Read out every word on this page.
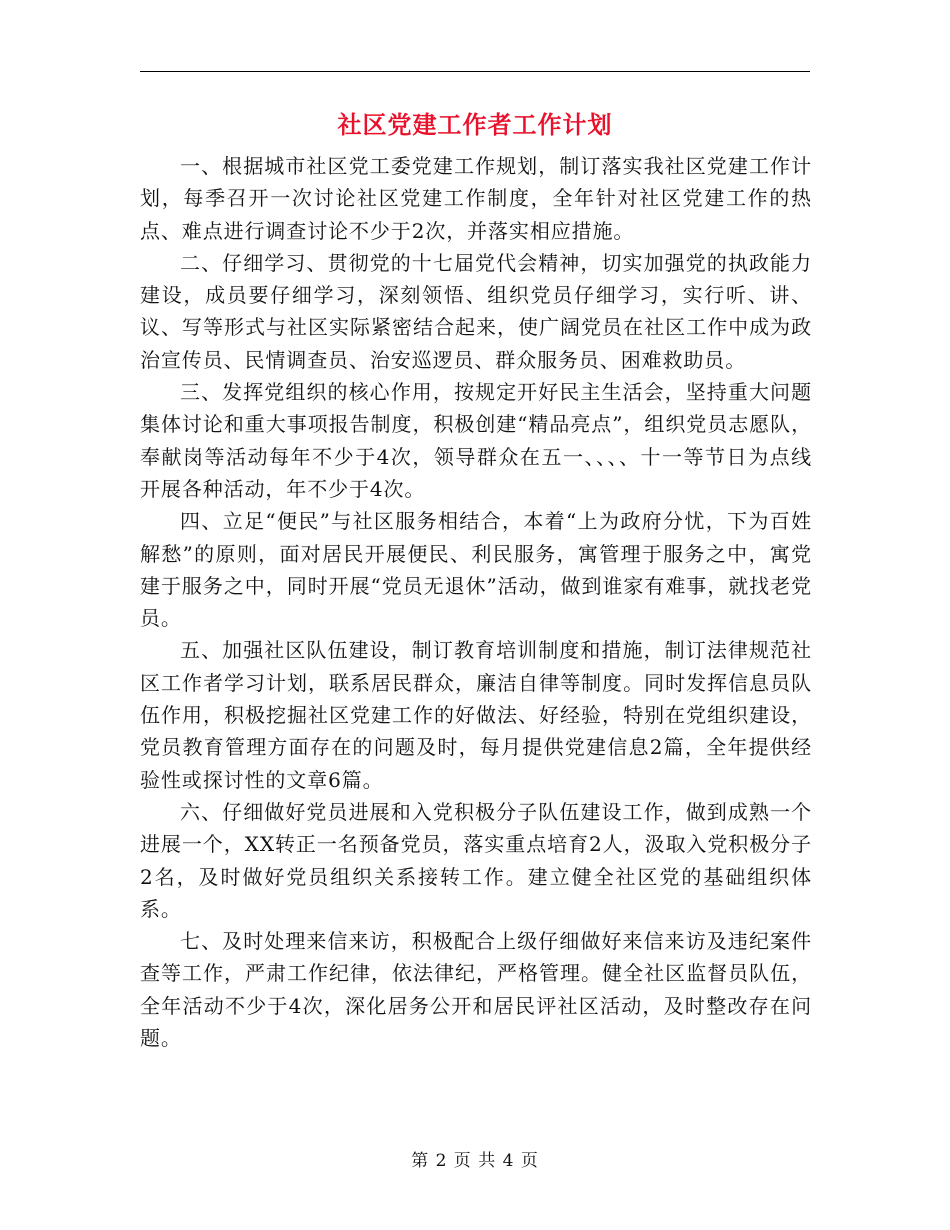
社区党建工作者工作计划

一、根据城市社区党工委党建工作规划，制订落实我社区党建工作计划，每季召开一次讨论社区党建工作制度，全年针对社区党建工作的热点、难点进行调查讨论不少于2次，并落实相应措施。

二、仔细学习、贯彻党的十七届党代会精神，切实加强党的执政能力建设，成员要仔细学习，深刻领悟、组织党员仔细学习，实行听、讲、议、写等形式与社区实际紧密结合起来，使广阔党员在社区工作中成为政治宣传员、民情调查员、治安巡逻员、群众服务员、困难救助员。

三、发挥党组织的核心作用，按规定开好民主生活会，坚持重大问题集体讨论和重大事项报告制度，积极创建“精品亮点”，组织党员志愿队，奉献岗等活动每年不少于4次，领导群众在五一、、、、十一等节日为点线开展各种活动，年不少于4次。

四、立足“便民”与社区服务相结合，本着“上为政府分忧，下为百姓解愁”的原则，面对居民开展便民、利民服务，寓管理于服务之中，寓党建于服务之中，同时开展“党员无退休”活动，做到谁家有难事，就找老党员。

五、加强社区队伍建设，制订教育培训制度和措施，制订法律规范社区工作者学习计划，联系居民群众，廉洁自律等制度。同时发挥信息员队伍作用，积极挖掘社区党建工作的好做法、好经验，特别在党组织建设，党员教育管理方面存在的问题及时，每月提供党建信息2篇，全年提供经验性或探讨性的文章6篇。

六、仔细做好党员进展和入党积极分子队伍建设工作，做到成熟一个进展一个，XX转正一名预备党员，落实重点培育2人，汲取入党积极分子2名，及时做好党员组织关系接转工作。建立健全社区党的基础组织体系。

七、及时处理来信来访，积极配合上级仔细做好来信来访及违纪案件查等工作，严肃工作纪律，依法律纪，严格管理。健全社区监督员队伍，全年活动不少于4次，深化居务公开和居民评社区活动，及时整改存在问题。

第 2 页 共 4 页
